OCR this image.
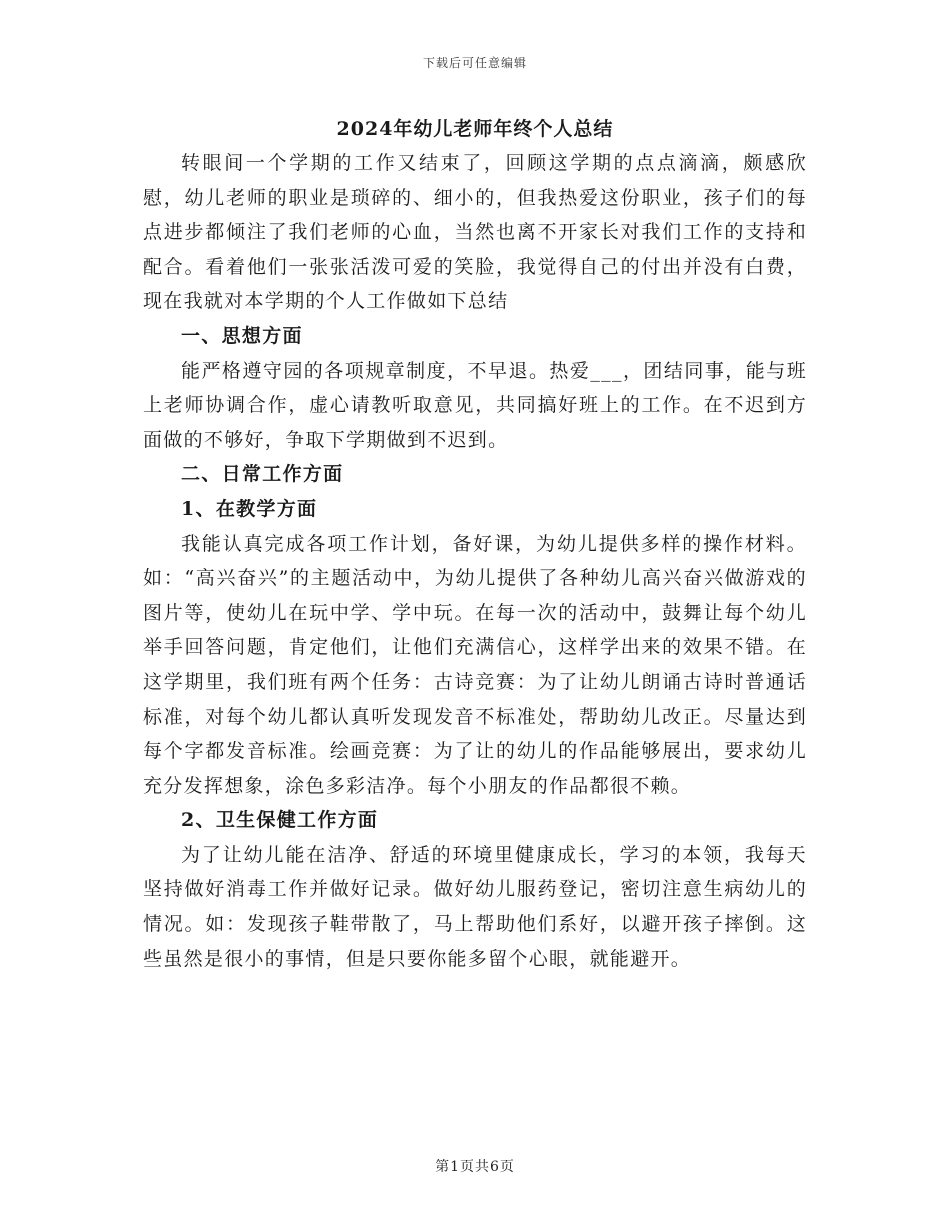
下载后可任意编辑

2024年幼儿老师年终个人总结

转眼间一个学期的工作又结束了，回顾这学期的点点滴滴，颇感欣慰，幼儿老师的职业是琐碎的、细小的，但我热爱这份职业，孩子们的每点进步都倾注了我们老师的心血，当然也离不开家长对我们工作的支持和配合。看着他们一张张活泼可爱的笑脸，我觉得自己的付出并没有白费，现在我就对本学期的个人工作做如下总结

一、思想方面

能严格遵守园的各项规章制度，不早退。热爱___，团结同事，能与班上老师协调合作，虚心请教听取意见，共同搞好班上的工作。在不迟到方面做的不够好，争取下学期做到不迟到。

二、日常工作方面

1、在教学方面

我能认真完成各项工作计划，备好课，为幼儿提供多样的操作材料。如：“高兴奋兴”的主题活动中，为幼儿提供了各种幼儿高兴奋兴做游戏的图片等，使幼儿在玩中学、学中玩。在每一次的活动中，鼓舞让每个幼儿举手回答问题，肯定他们，让他们充满信心，这样学出来的效果不错。在这学期里，我们班有两个任务：古诗竞赛：为了让幼儿朗诵古诗时普通话标准，对每个幼儿都认真听发现发音不标准处，帮助幼儿改正。尽量达到每个字都发音标准。绘画竞赛：为了让的幼儿的作品能够展出，要求幼儿充分发挥想象，涂色多彩洁净。每个小朋友的作品都很不赖。

2、卫生保健工作方面

为了让幼儿能在洁净、舒适的环境里健康成长，学习的本领，我每天坚持做好消毒工作并做好记录。做好幼儿服药登记，密切注意生病幼儿的情况。如：发现孩子鞋带散了，马上帮助他们系好，以避开孩子摔倒。这些虽然是很小的事情，但是只要你能多留个心眼，就能避开。

第1页共6页
